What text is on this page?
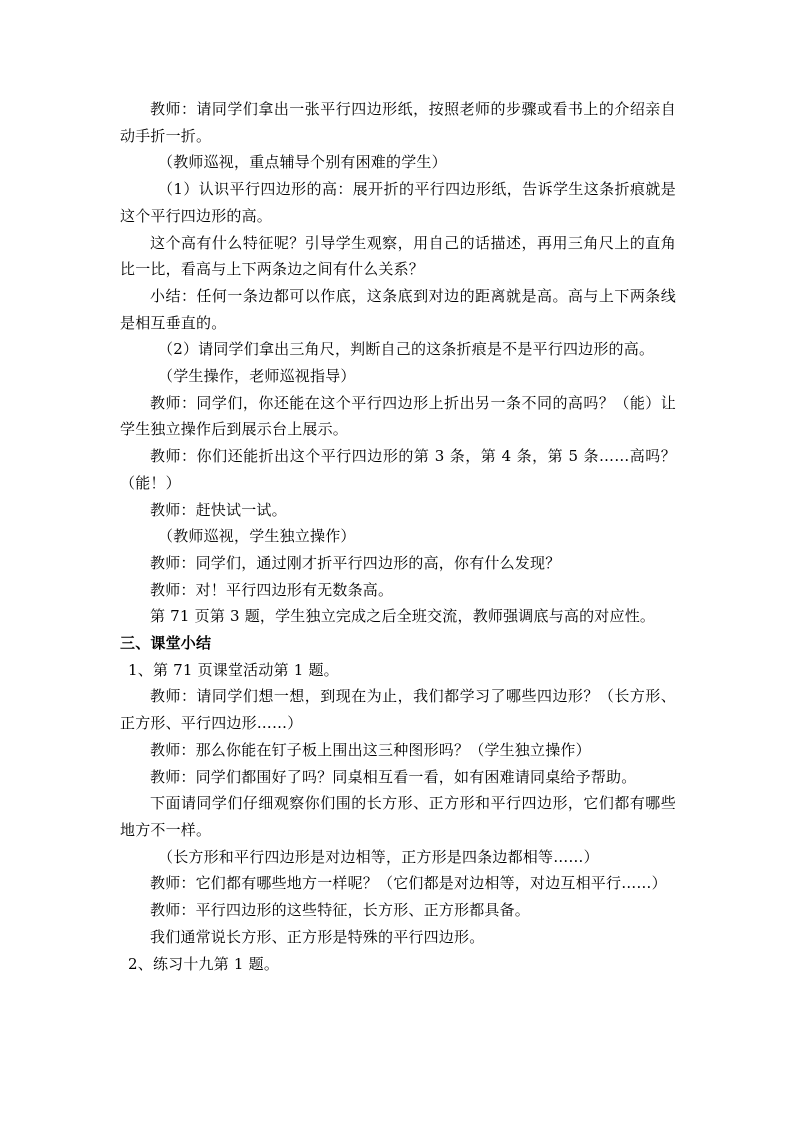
教师：请同学们拿出一张平行四边形纸，按照老师的步骤或看书上的介绍亲自动手折一折。

（教师巡视，重点辅导个别有困难的学生）

（1）认识平行四边形的高：展开折的平行四边形纸，告诉学生这条折痕就是这个平行四边形的高。

这个高有什么特征呢？引导学生观察，用自己的话描述，再用三角尺上的直角比一比，看高与上下两条边之间有什么关系？

小结：任何一条边都可以作底，这条底到对边的距离就是高。高与上下两条线是相互垂直的。

（2）请同学们拿出三角尺，判断自己的这条折痕是不是平行四边形的高。

（学生操作，老师巡视指导）

教师：同学们，你还能在这个平行四边形上折出另一条不同的高吗？（能）让学生独立操作后到展示台上展示。

教师：你们还能折出这个平行四边形的第 3 条，第 4 条，第 5 条……高吗？（能！）

教师：赶快试一试。

（教师巡视，学生独立操作）

教师：同学们，通过刚才折平行四边形的高，你有什么发现？

教师：对！平行四边形有无数条高。

第 71 页第 3 题，学生独立完成之后全班交流，教师强调底与高的对应性。

三、课堂小结

1、第 71 页课堂活动第 1 题。

教师：请同学们想一想，到现在为止，我们都学习了哪些四边形？（长方形、正方形、平行四边形……）

教师：那么你能在钉子板上围出这三种图形吗？（学生独立操作）

教师：同学们都围好了吗？同桌相互看一看，如有困难请同桌给予帮助。

下面请同学们仔细观察你们围的长方形、正方形和平行四边形，它们都有哪些地方不一样。

（长方形和平行四边形是对边相等，正方形是四条边都相等……）

教师：它们都有哪些地方一样呢？（它们都是对边相等，对边互相平行……）

教师：平行四边形的这些特征，长方形、正方形都具备。

我们通常说长方形、正方形是特殊的平行四边形。

2、练习十九第 1 题。
